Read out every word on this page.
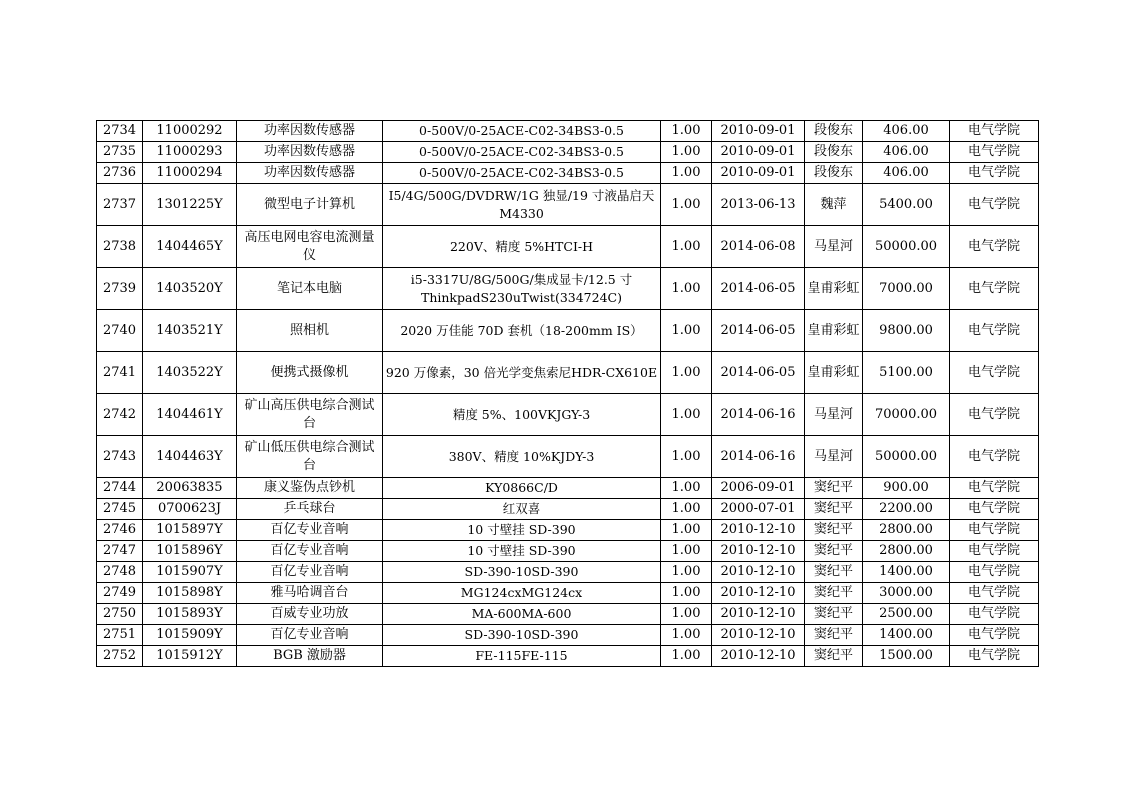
2734	11000292	功率因数传感器	0-500V/0-25ACE-C02-34BS3-0.5	1.00	2010-09-01	段俊东	406.00	电气学院
2735	11000293	功率因数传感器	0-500V/0-25ACE-C02-34BS3-0.5	1.00	2010-09-01	段俊东	406.00	电气学院
2736	11000294	功率因数传感器	0-500V/0-25ACE-C02-34BS3-0.5	1.00	2010-09-01	段俊东	406.00	电气学院
2737	1301225Y	微型电子计算机	I5/4G/500G/DVDRW/1G 独显/19 寸液晶启天 M4330	1.00	2013-06-13	魏萍	5400.00	电气学院
2738	1404465Y	高压电网电容电流测量仪	220V、精度 5%HTCI-H	1.00	2014-06-08	马星河	50000.00	电气学院
2739	1403520Y	笔记本电脑	i5-3317U/8G/500G/集成显卡/12.5 寸ThinkpadS230uTwist(334724C)	1.00	2014-06-05	皇甫彩虹	7000.00	电气学院
2740	1403521Y	照相机	2020 万佳能 70D 套机（18-200mm IS）	1.00	2014-06-05	皇甫彩虹	9800.00	电气学院
2741	1403522Y	便携式摄像机	920 万像素，30 倍光学变焦索尼HDR-CX610E	1.00	2014-06-05	皇甫彩虹	5100.00	电气学院
2742	1404461Y	矿山高压供电综合测试台	精度 5%、100VKJGY-3	1.00	2014-06-16	马星河	70000.00	电气学院
2743	1404463Y	矿山低压供电综合测试台	380V、精度 10%KJDY-3	1.00	2014-06-16	马星河	50000.00	电气学院
2744	20063835	康义鉴伪点钞机	KY0866C/D	1.00	2006-09-01	窦纪平	900.00	电气学院
2745	0700623J	乒乓球台	红双喜	1.00	2000-07-01	窦纪平	2200.00	电气学院
2746	1015897Y	百亿专业音响	10 寸壁挂 SD-390	1.00	2010-12-10	窦纪平	2800.00	电气学院
2747	1015896Y	百亿专业音响	10 寸壁挂 SD-390	1.00	2010-12-10	窦纪平	2800.00	电气学院
2748	1015907Y	百亿专业音响	SD-390-10SD-390	1.00	2010-12-10	窦纪平	1400.00	电气学院
2749	1015898Y	雅马哈调音台	MG124cxMG124cx	1.00	2010-12-10	窦纪平	3000.00	电气学院
2750	1015893Y	百威专业功放	MA-600MA-600	1.00	2010-12-10	窦纪平	2500.00	电气学院
2751	1015909Y	百亿专业音响	SD-390-10SD-390	1.00	2010-12-10	窦纪平	1400.00	电气学院
2752	1015912Y	BGB 激励器	FE-115FE-115	1.00	2010-12-10	窦纪平	1500.00	电气学院
